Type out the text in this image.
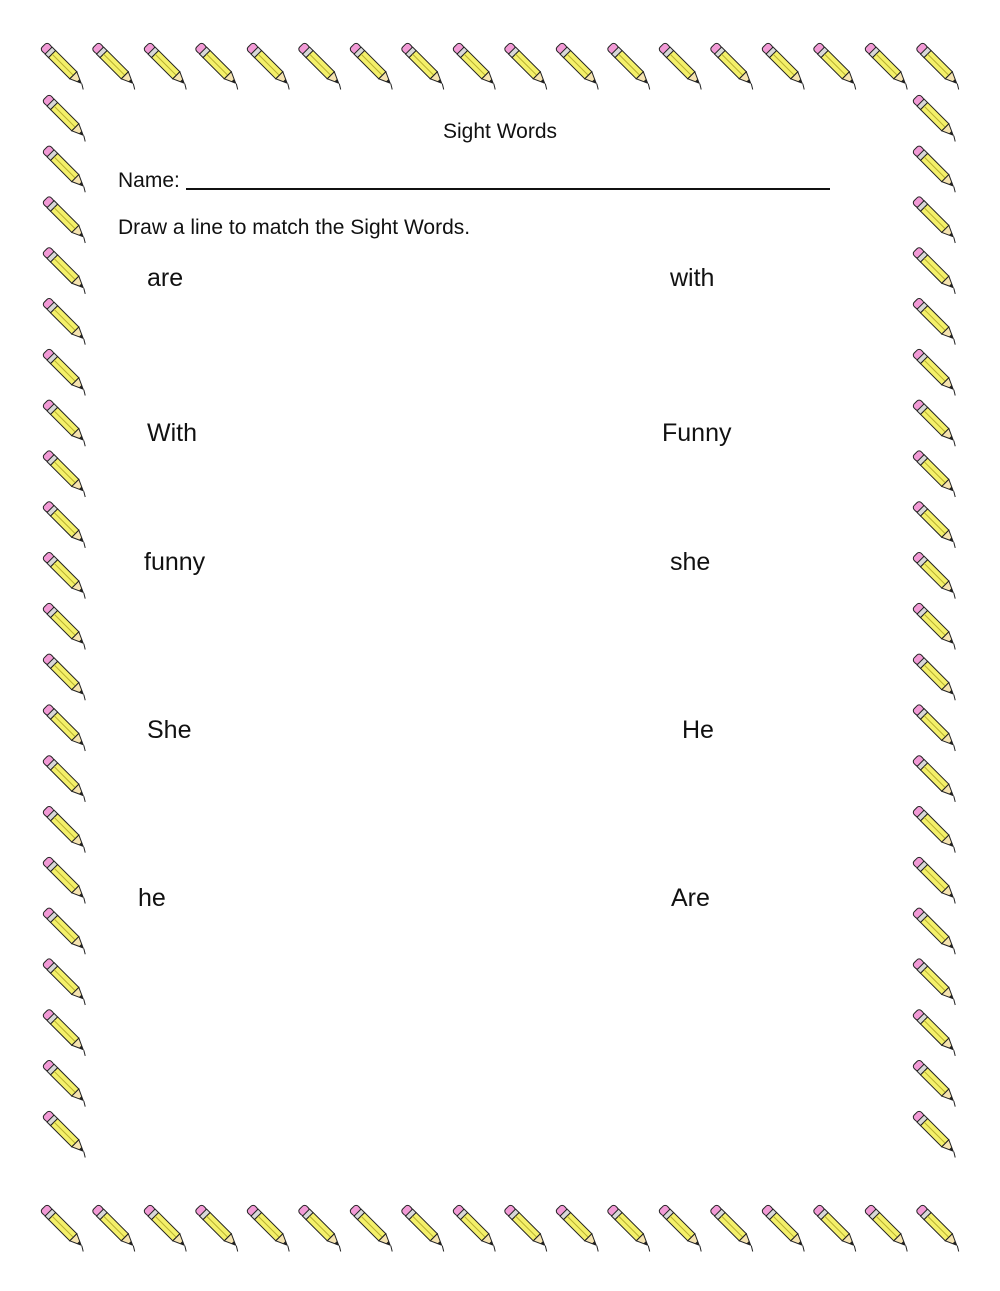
Sight Words
Name:
Draw a line to match the Sight Words.
are
With
funny
She
he
with
Funny
she
He
Are
